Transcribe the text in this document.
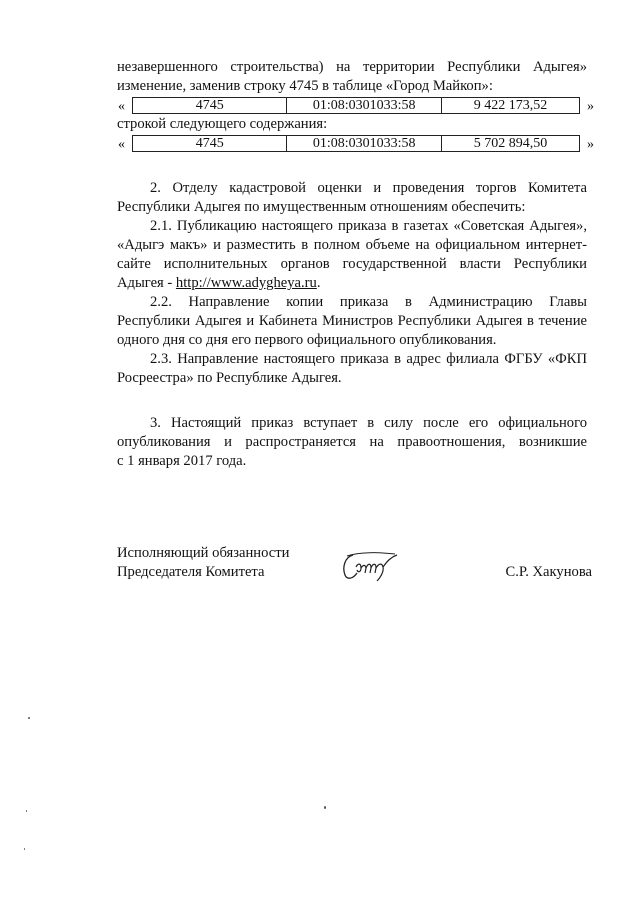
незавершенного строительства) на территории Республики Адыгея»
изменение, заменив строку 4745 в таблице «Город Майкоп»:
«	4745	01:08:0301033:58	9 422 173,52	»
строкой следующего содержания:
«	4745	01:08:0301033:58	5 702 894,50	»
2. Отделу кадастровой оценки и проведения торгов Комитета
Республики Адыгея по имущественным отношениям обеспечить:
2.1. Публикацию настоящего приказа в газетах «Советская Адыгея»,
«Адыгэ макъ» и разместить в полном объеме на официальном интернет-
сайте исполнительных органов государственной власти Республики
Адыгея - http://www.adygheya.ru.
2.2. Направление копии приказа в Администрацию Главы
Республики Адыгея и Кабинета Министров Республики Адыгея в течение
одного дня со дня его первого официального опубликования.
2.3. Направление настоящего приказа в адрес филиала ФГБУ «ФКП
Росреестра» по Республике Адыгея.
3. Настоящий приказ вступает в силу после его официального
опубликования и распространяется на правоотношения, возникшие
с 1 января 2017 года.
Исполняющий обязанности
Председателя Комитета	С.Р. Хакунова
